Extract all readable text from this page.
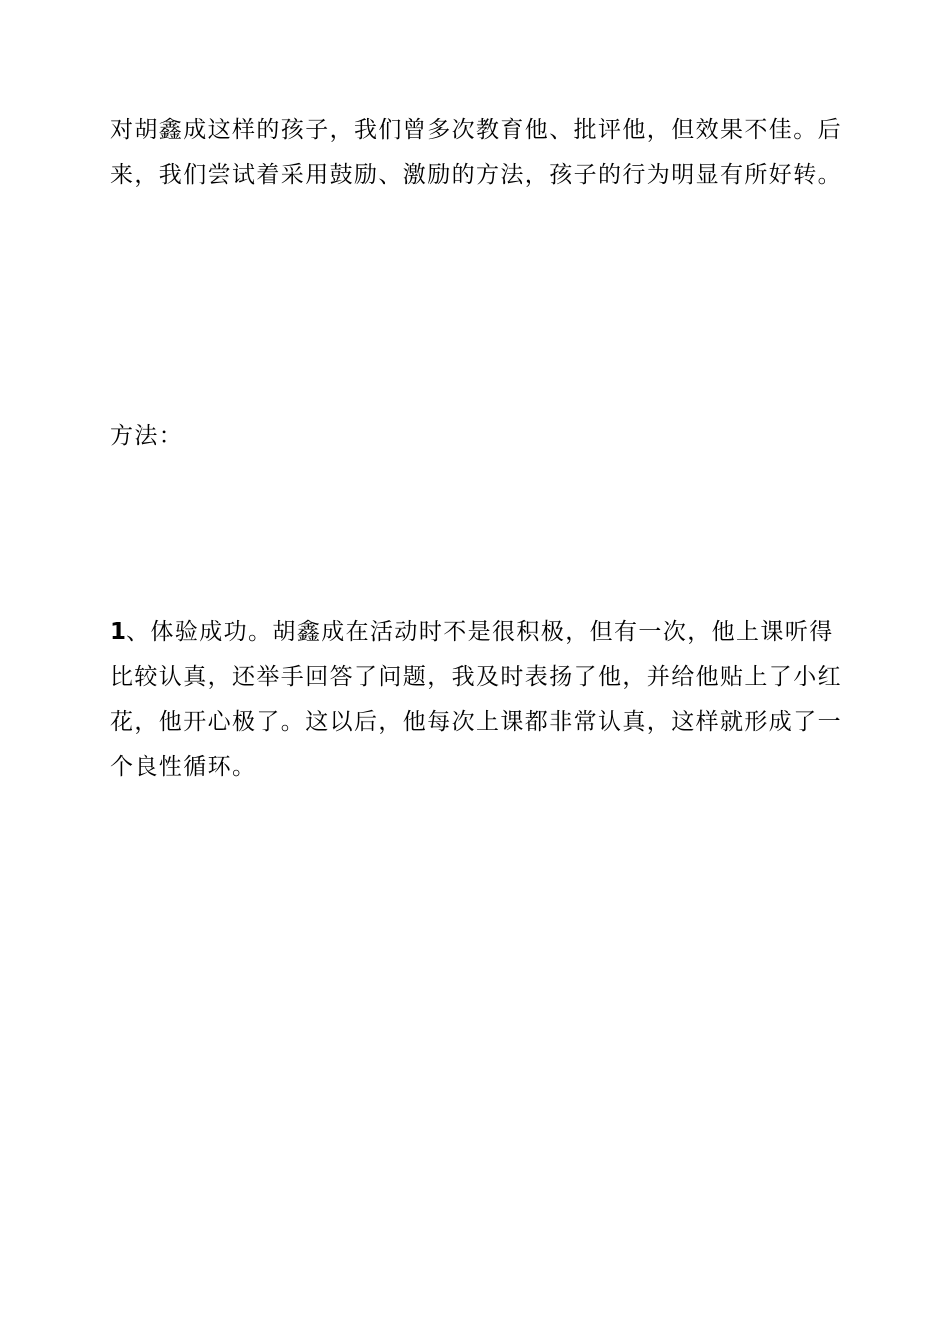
对胡鑫成这样的孩子，我们曾多次教育他、批评他，但效果不佳。后来，我们尝试着采用鼓励、激励的方法，孩子的行为明显有所好转。

方法：

1、体验成功。胡鑫成在活动时不是很积极，但有一次，他上课听得比较认真，还举手回答了问题，我及时表扬了他，并给他贴上了小红花，他开心极了。这以后，他每次上课都非常认真，这样就形成了一个良性循环。
